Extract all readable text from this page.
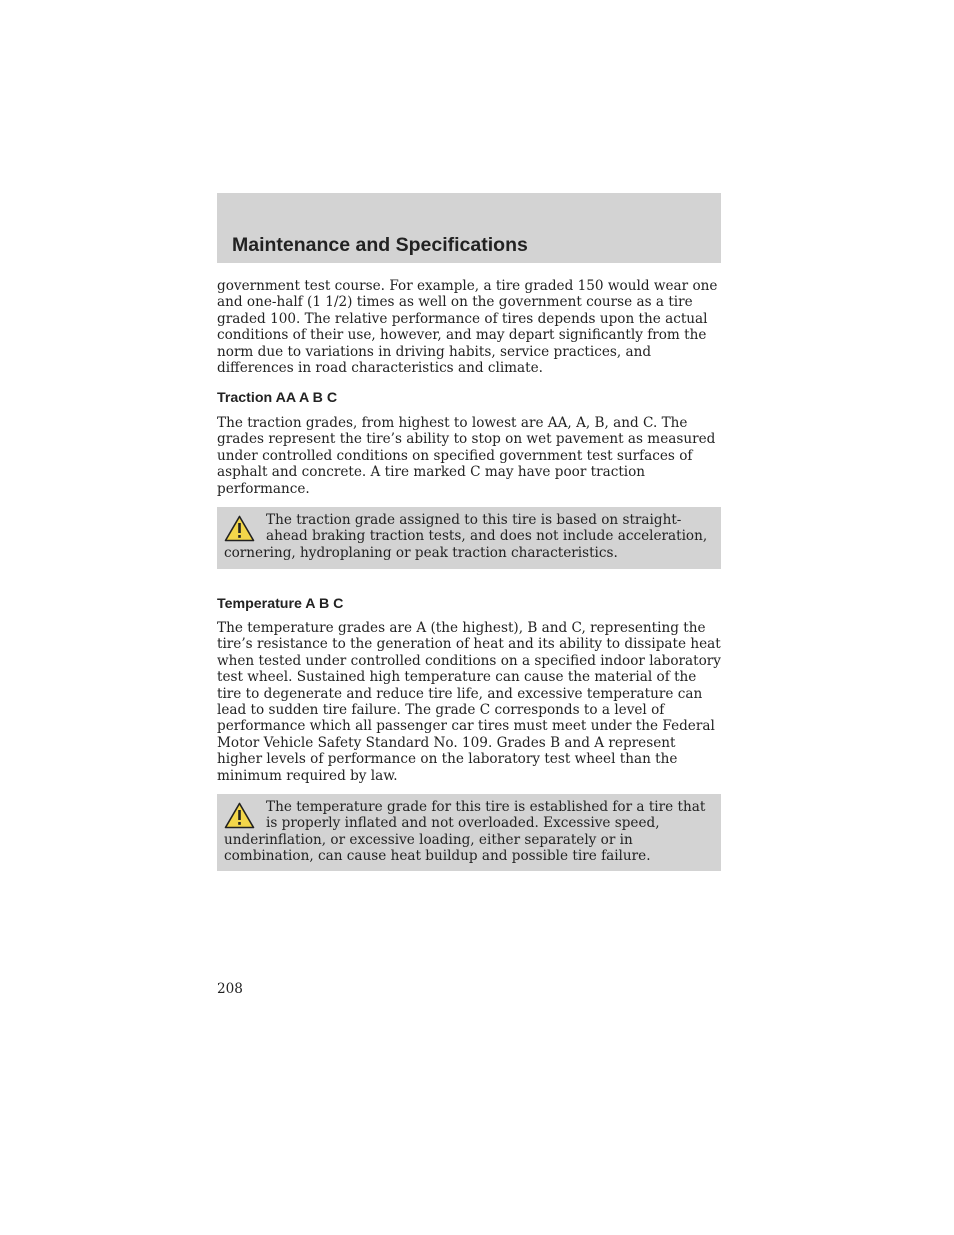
Maintenance and Specifications

government test course. For example, a tire graded 150 would wear one and one-half (1 1/2) times as well on the government course as a tire graded 100. The relative performance of tires depends upon the actual conditions of their use, however, and may depart significantly from the norm due to variations in driving habits, service practices, and differences in road characteristics and climate.

Traction AA A B C

The traction grades, from highest to lowest are AA, A, B, and C. The grades represent the tire’s ability to stop on wet pavement as measured under controlled conditions on specified government test surfaces of asphalt and concrete. A tire marked C may have poor traction performance.

The traction grade assigned to this tire is based on straight-ahead braking traction tests, and does not include acceleration, cornering, hydroplaning or peak traction characteristics.

Temperature A B C

The temperature grades are A (the highest), B and C, representing the tire’s resistance to the generation of heat and its ability to dissipate heat when tested under controlled conditions on a specified indoor laboratory test wheel. Sustained high temperature can cause the material of the tire to degenerate and reduce tire life, and excessive temperature can lead to sudden tire failure. The grade C corresponds to a level of performance which all passenger car tires must meet under the Federal Motor Vehicle Safety Standard No. 109. Grades B and A represent higher levels of performance on the laboratory test wheel than the minimum required by law.

The temperature grade for this tire is established for a tire that is properly inflated and not overloaded. Excessive speed, underinflation, or excessive loading, either separately or in combination, can cause heat buildup and possible tire failure.

208
